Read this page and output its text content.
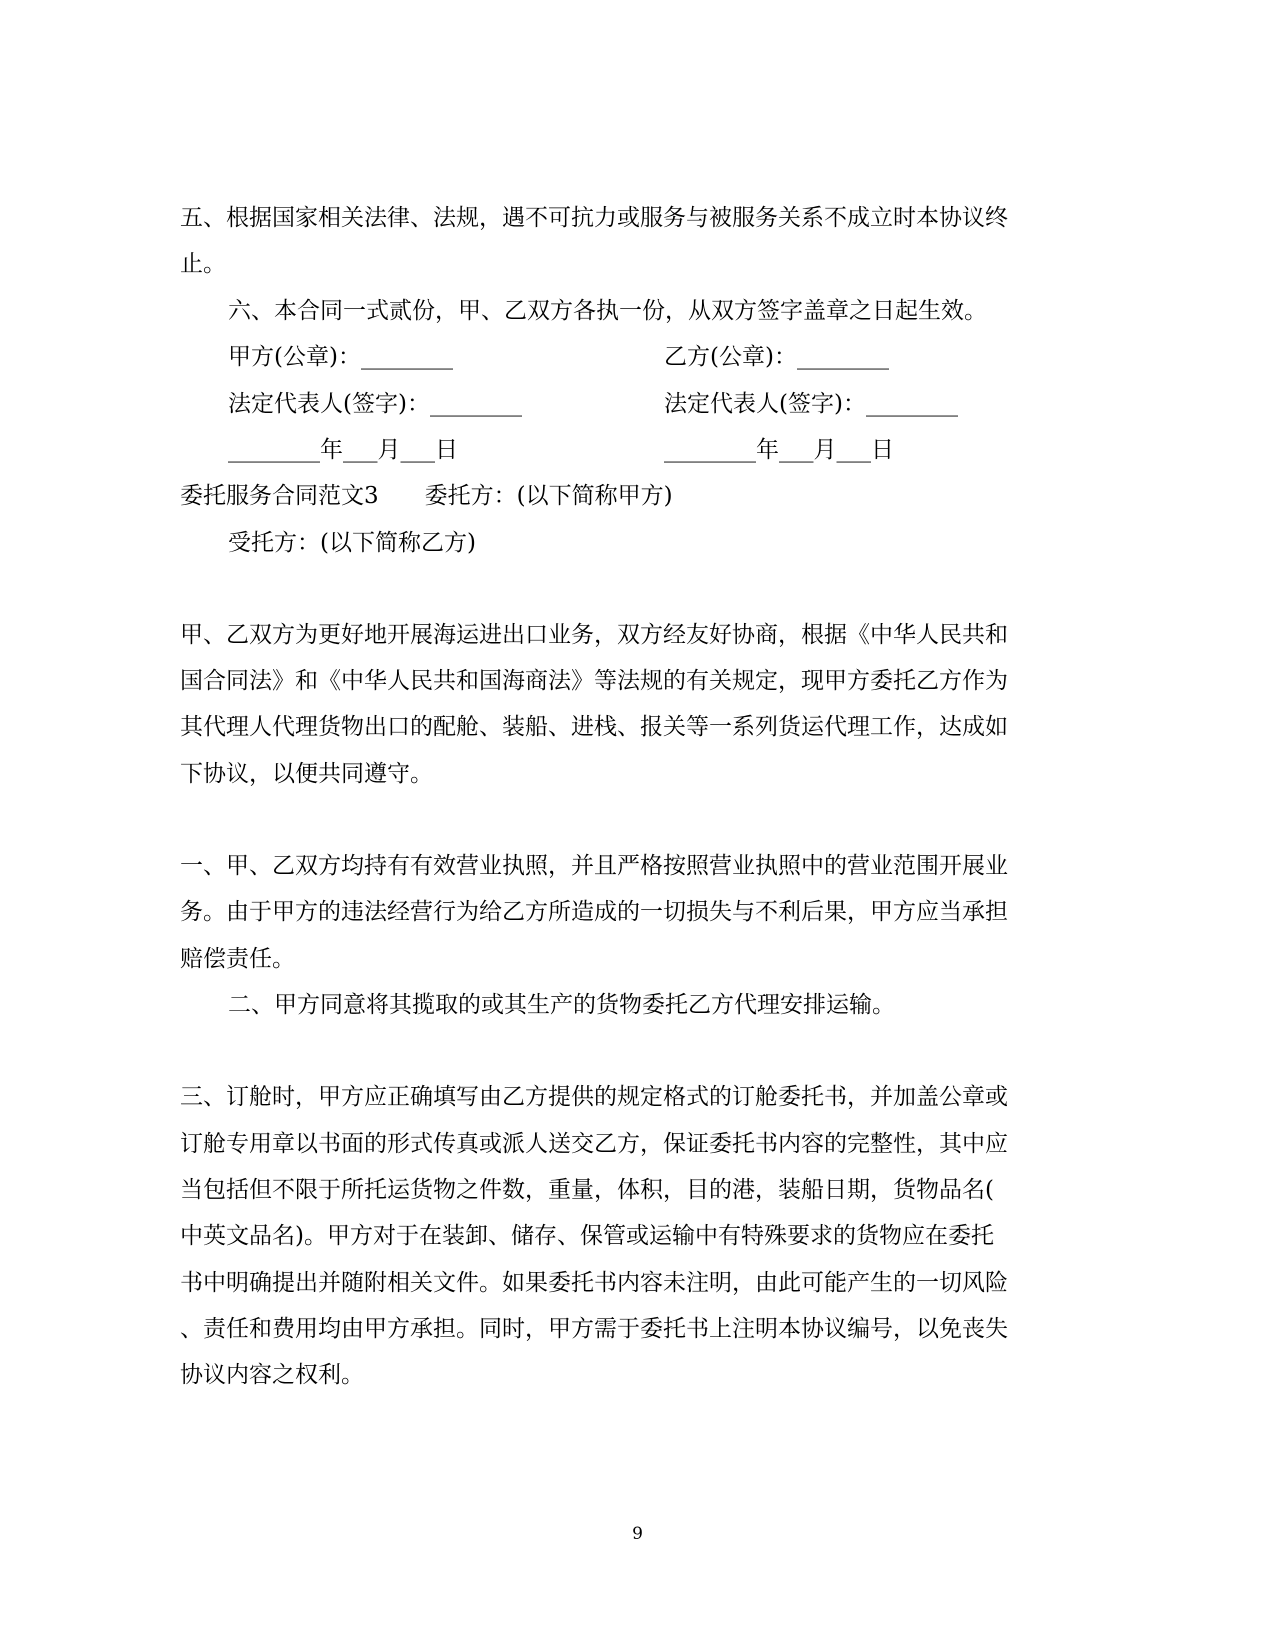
五、根据国家相关法律、法规，遇不可抗力或服务与被服务关系不成立时本协议终
止。
六、本合同一式贰份，甲、乙双方各执一份，从双方签字盖章之日起生效。
甲方(公章)：________	乙方(公章)：________
法定代表人(签字)：________	法定代表人(签字)：________
________年___月___日	________年___月___日
委托服务合同范文3　　委托方：(以下简称甲方)
受托方：(以下简称乙方)
甲、乙双方为更好地开展海运进出口业务，双方经友好协商，根据《中华人民共和
国合同法》和《中华人民共和国海商法》等法规的有关规定，现甲方委托乙方作为
其代理人代理货物出口的配舱、装船、进栈、报关等一系列货运代理工作，达成如
下协议，以便共同遵守。
一、甲、乙双方均持有有效营业执照，并且严格按照营业执照中的营业范围开展业
务。由于甲方的违法经营行为给乙方所造成的一切损失与不利后果，甲方应当承担
赔偿责任。
二、甲方同意将其揽取的或其生产的货物委托乙方代理安排运输。
三、订舱时，甲方应正确填写由乙方提供的规定格式的订舱委托书，并加盖公章或
订舱专用章以书面的形式传真或派人送交乙方，保证委托书内容的完整性，其中应
当包括但不限于所托运货物之件数，重量，体积，目的港，装船日期，货物品名(
中英文品名)。甲方对于在装卸、储存、保管或运输中有特殊要求的货物应在委托
书中明确提出并随附相关文件。如果委托书内容未注明，由此可能产生的一切风险
、责任和费用均由甲方承担。同时，甲方需于委托书上注明本协议编号，以免丧失
协议内容之权利。
9
